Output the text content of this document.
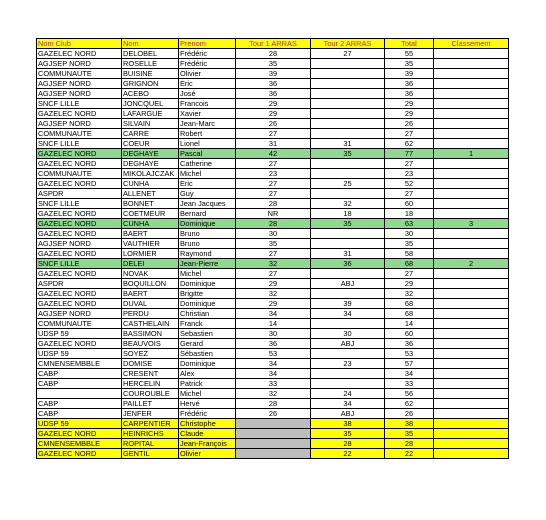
Nom Club	Nom	Prenom	Tour 1 ARRAS	Tour 2 ARRAS	Total	Classement
GAZELEC NORD	DELOBEL	Frédéric	28	27	55	
AGJSEP NORD	ROSELLE	Frédéric	35		35	
COMMUNAUTE	BUISINE	Olivier	39		39	
AGJSEP NORD	GRIGNON	Eric	36		36	
AGJSEP NORD	ACEBO	José	36		36	
SNCF LILLE	JONCQUEL	Francois	29		29	
GAZELEC NORD	LAFARGUE	Xavier	29		29	
AGJSEP NORD	SILVAIN	Jean-Marc	26		26	
COMMUNAUTE	CARRE	Robert	27		27	
SNCF LILLE	COEUR	Lionel	31	31	62	
GAZELEC NORD	DEGHAYE	Pascal	42	35	77	1
GAZELEC NORD	DEGHAYE	Catherine	27		27	
COMMUNAUTE	MIKOLAJCZAK	Michel	23		23	
GAZELEC NORD	CUNHA	Eric	27	25	52	
ASPDR	ALLENET	Guy	27		27	
SNCF LILLE	BONNET	Jean Jacques	28	32	60	
GAZELEC NORD	COETMEUR	Bernard	NR	18	18	
GAZELEC NORD	CUNHA	Dominique	28	35	63	3
GAZELEC NORD	BAERT	Bruno	30		30	
AGJSEP NORD	VAUTHIER	Bruno	35		35	
GAZELEC NORD	LORMIER	Raymond	27	31	58	
SNCF LILLE	DELEI	Jean-Pierre	32	36	68	2
GAZELEC NORD	NOVAK	Michel	27		27	
ASPDR	BOQUILLON	Dominique	29	ABJ	29	
GAZELEC NORD	BAERT	Brigitte	32		32	
GAZELEC NORD	DUVAL	Dominique	29	39	68	
AGJSEP NORD	PERDU	Christian	34	34	68	
COMMUNAUTE	CASTHELAIN	Franck	14		14	
UDSP 59	BASSIMON	Sebastien	30	30	60	
GAZELEC NORD	BEAUVOIS	Gerard	36	ABJ	36	
UDSP 59	SOYEZ	Sébastien	53		53	
CMNENSEMBBLE	DOMISE	Dominique	34	23	57	
CABP	CRESENT	Alex	34		34	
CABP	HERCELIN	Patrick	33		33	
	COUROUBLE	Michel	32	24	56	
CABP	PAILLET	Hervé	28	34	62	
CABP	JENFER	Frédéric	26	ABJ	26	
UDSP 59	CARPENTIER	Christophe		38	38	
GAZELEC NORD	HEINRICHS	Claude		35	35	
CMNENSEMBBLE	ROPITAL	Jean-François		28	28	
GAZELEC NORD	GENTIL	Olivier		22	22	
